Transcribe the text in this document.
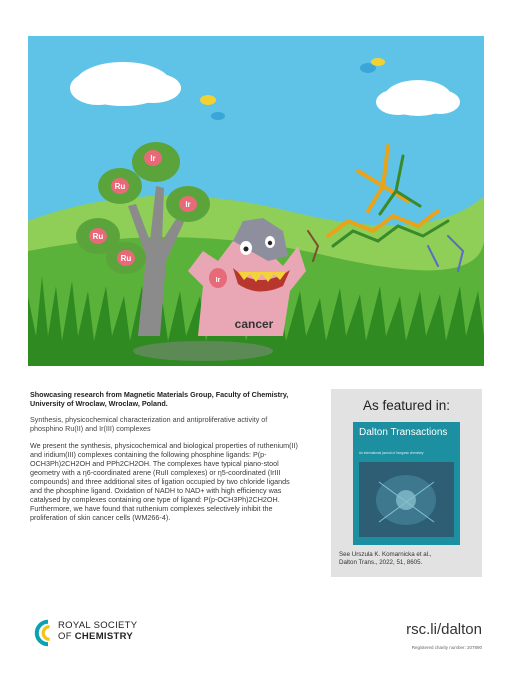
Ir
Ru
Ru
Ir
Ru
Ir
cancer

Showcasing research from Magnetic Materials Group, Faculty of Chemistry, University of Wroclaw, Wroclaw, Poland.

Synthesis, physicochemical characterization and antiproliferative activity of phosphino Ru(II) and Ir(III) complexes

We present the synthesis, physicochemical and biological properties of ruthenium(II) and iridium(III) complexes containing the following phosphine ligands: P(p-OCH3Ph)2CH2OH and PPh2CH2OH. The complexes have typical piano-stool geometry with a η6-coordinated arene (RuII complexes) or η5-coordinated (IrIII compounds) and three additional sites of ligation occupied by two chloride ligands and the phosphine ligand. Oxidation of NADH to NAD+ with high efficiency was catalysed by complexes containing one type of ligand: P(p-OCH3Ph)2CH2OH. Furthermore, we have found that ruthenium complexes selectively inhibit the proliferation of skin cancer cells (WM266-4).

As featured in:
Dalton Transactions
An international journal of inorganic chemistry
See Urszula K. Komarnicka et al.,
Dalton Trans., 2022, 51, 8605.
ROYAL SOCIETY
OF CHEMISTRY	rsc.li/dalton
Registered charity number: 207890
